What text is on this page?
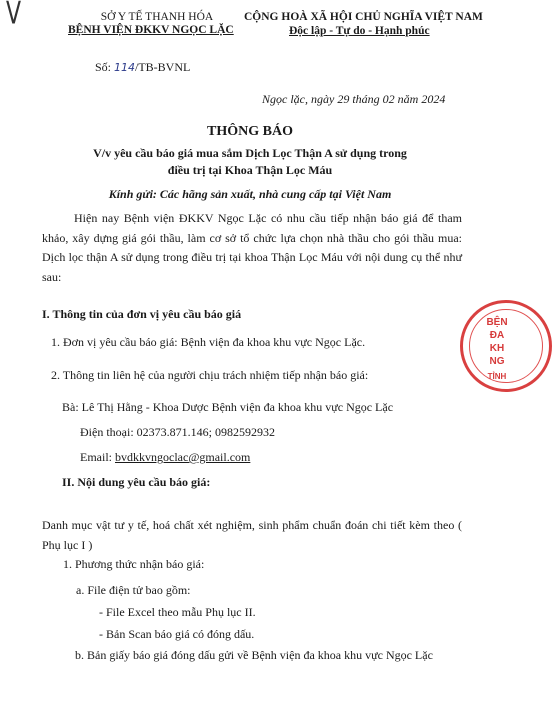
V	SỞ Y TẾ THANH HÓA
BỆNH VIỆN ĐKKV NGỌC LẶC
CỘNG HOÀ XÃ HỘI CHỦ NGHĨA VIỆT NAM
Độc lập - Tự do - Hạnh phúc
Số: 114/TB-BVNL
Ngọc lặc, ngày 29 tháng 02 năm 2024
THÔNG BÁO
V/v yêu cầu báo giá mua sắm Dịch Lọc Thận A sử dụng trong
điều trị tại Khoa Thận Lọc Máu
Kính gửi: Các hãng sản xuất, nhà cung cấp tại Việt Nam
Hiện nay Bệnh viện ĐKKV Ngọc Lặc có nhu cầu tiếp nhận báo giá để tham khảo, xây dựng giá gói thầu, làm cơ sở tổ chức lựa chọn nhà thầu cho gói thầu mua: Dịch lọc thận A sử dụng trong điều trị tại khoa Thận Lọc Máu với nội dung cụ thể như sau:
I. Thông tin của đơn vị yêu cầu báo giá
1. Đơn vị yêu cầu báo giá: Bệnh viện đa khoa khu vực Ngọc Lặc.
2. Thông tin liên hệ của người chịu trách nhiệm tiếp nhận báo giá:
Bà: Lê Thị Hằng - Khoa Dược Bệnh viện đa khoa khu vực Ngọc Lặc
Điện thoại: 02373.871.146; 0982592932
Email: bvdkkvngoclac@gmail.com
II. Nội dung yêu cầu báo giá:
Danh mục vật tư y tế, hoá chất xét nghiệm, sinh phẩm chuẩn đoán chi tiết kèm theo ( Phụ lục I )
1. Phương thức nhận báo giá:
a. File điện tử bao gồm:
- File Excel theo mẫu Phụ lục II.
- Bản Scan báo giá có đóng dấu.
b. Bản giấy báo giá đóng dấu gửi về Bệnh viện đa khoa khu vực Ngọc Lặc
BỆN
ĐA
KH
NG
TỈNH
